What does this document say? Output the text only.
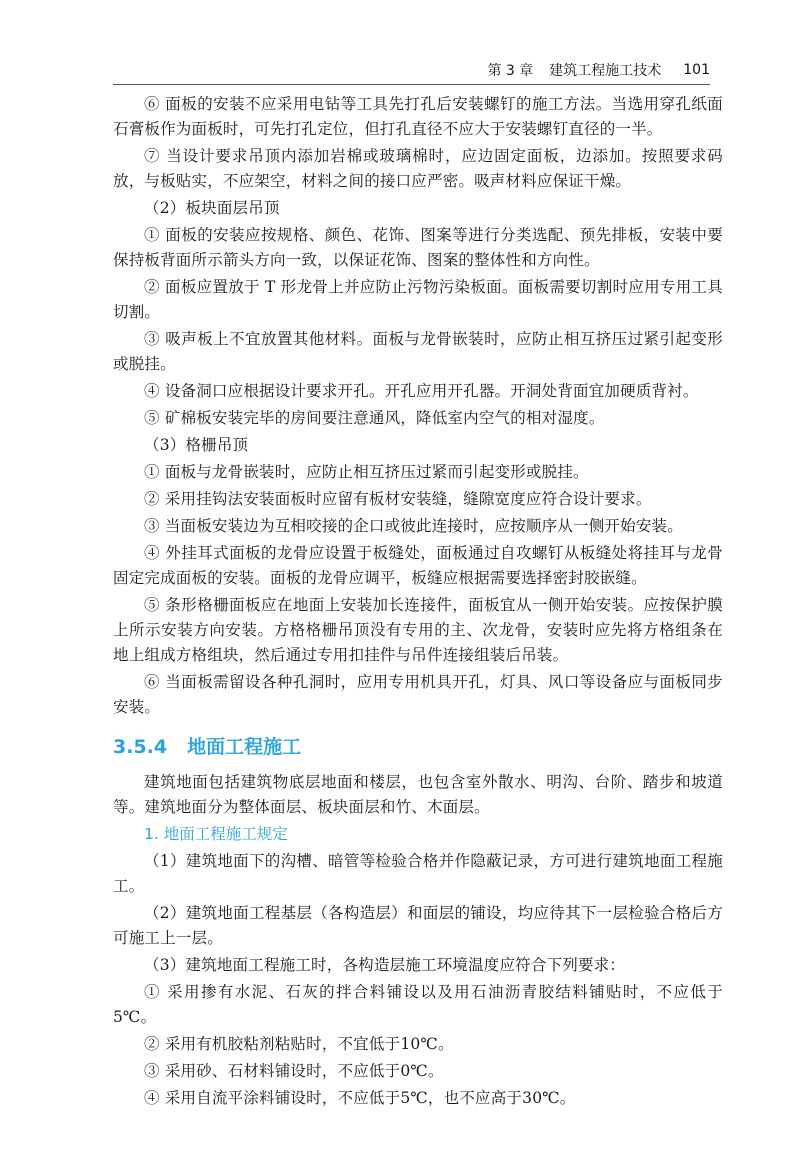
第 3 章 建筑工程施工技术 101

⑥ 面板的安装不应采用电钻等工具先打孔后安装螺钉的施工方法。当选用穿孔纸面石膏板作为面板时，可先打孔定位，但打孔直径不应大于安装螺钉直径的一半。

⑦ 当设计要求吊顶内添加岩棉或玻璃棉时，应边固定面板，边添加。按照要求码放，与板贴实，不应架空，材料之间的接口应严密。吸声材料应保证干燥。

（2）板块面层吊顶

① 面板的安装应按规格、颜色、花饰、图案等进行分类选配、预先排板，安装中要保持板背面所示箭头方向一致，以保证花饰、图案的整体性和方向性。

② 面板应置放于 T 形龙骨上并应防止污物污染板面。面板需要切割时应用专用工具切割。

③ 吸声板上不宜放置其他材料。面板与龙骨嵌装时，应防止相互挤压过紧引起变形或脱挂。

④ 设备洞口应根据设计要求开孔。开孔应用开孔器。开洞处背面宜加硬质背衬。

⑤ 矿棉板安装完毕的房间要注意通风，降低室内空气的相对湿度。

（3）格栅吊顶

① 面板与龙骨嵌装时，应防止相互挤压过紧而引起变形或脱挂。

② 采用挂钩法安装面板时应留有板材安装缝，缝隙宽度应符合设计要求。

③ 当面板安装边为互相咬接的企口或彼此连接时，应按顺序从一侧开始安装。

④ 外挂耳式面板的龙骨应设置于板缝处，面板通过自攻螺钉从板缝处将挂耳与龙骨固定完成面板的安装。面板的龙骨应调平，板缝应根据需要选择密封胶嵌缝。

⑤ 条形格栅面板应在地面上安装加长连接件，面板宜从一侧开始安装。应按保护膜上所示安装方向安装。方格格栅吊顶没有专用的主、次龙骨，安装时应先将方格组条在地上组成方格组块，然后通过专用扣挂件与吊件连接组装后吊装。

⑥ 当面板需留设各种孔洞时，应用专用机具开孔，灯具、风口等设备应与面板同步安装。

3.5.4 地面工程施工

建筑地面包括建筑物底层地面和楼层，也包含室外散水、明沟、台阶、踏步和坡道等。建筑地面分为整体面层、板块面层和竹、木面层。

1. 地面工程施工规定

（1）建筑地面下的沟槽、暗管等检验合格并作隐蔽记录，方可进行建筑地面工程施工。

（2）建筑地面工程基层（各构造层）和面层的铺设，均应待其下一层检验合格后方可施工上一层。

（3）建筑地面工程施工时，各构造层施工环境温度应符合下列要求：

① 采用掺有水泥、石灰的拌合料铺设以及用石油沥青胶结料铺贴时，不应低于5℃。

② 采用有机胶粘剂粘贴时，不宜低于10℃。

③ 采用砂、石材料铺设时，不应低于0℃。

④ 采用自流平涂料铺设时，不应低于5℃，也不应高于30℃。
